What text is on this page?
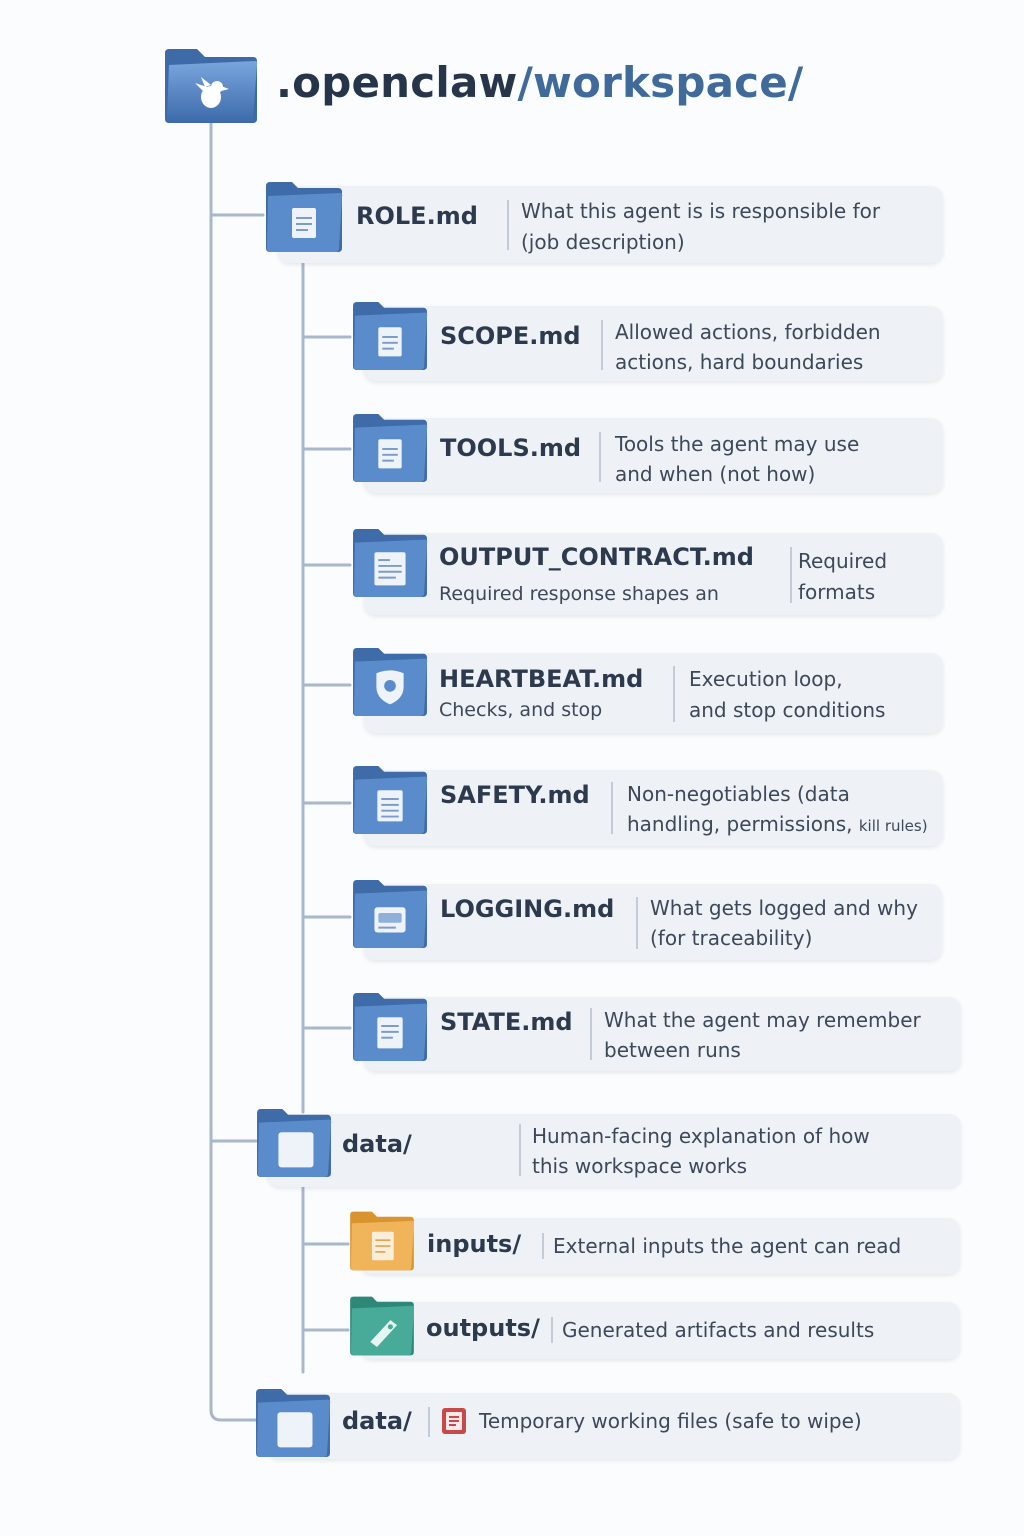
.openclaw/workspace/
ROLE.md What this agent is is responsible for
(job description)
SCOPE.md Allowed actions, forbidden
actions, hard boundaries
TOOLS.md Tools the agent may use
and when (not how)
OUTPUT_CONTRACT.md
Required response shapes an
Required
formats
HEARTBEAT.md
Checks, and stop
Execution loop,
and stop conditions
SAFETY.md Non-negotiables (data
handling, permissions, kill rules)
LOGGING.md What gets logged and why
(for traceability)
STATE.md What the agent may remember
between runs
data/	Human-facing explanation of how
this workspace works
inputs/ External inputs the agent can read
outputs/ Generated artifacts and results
data/	Temporary working files (safe to wipe)
